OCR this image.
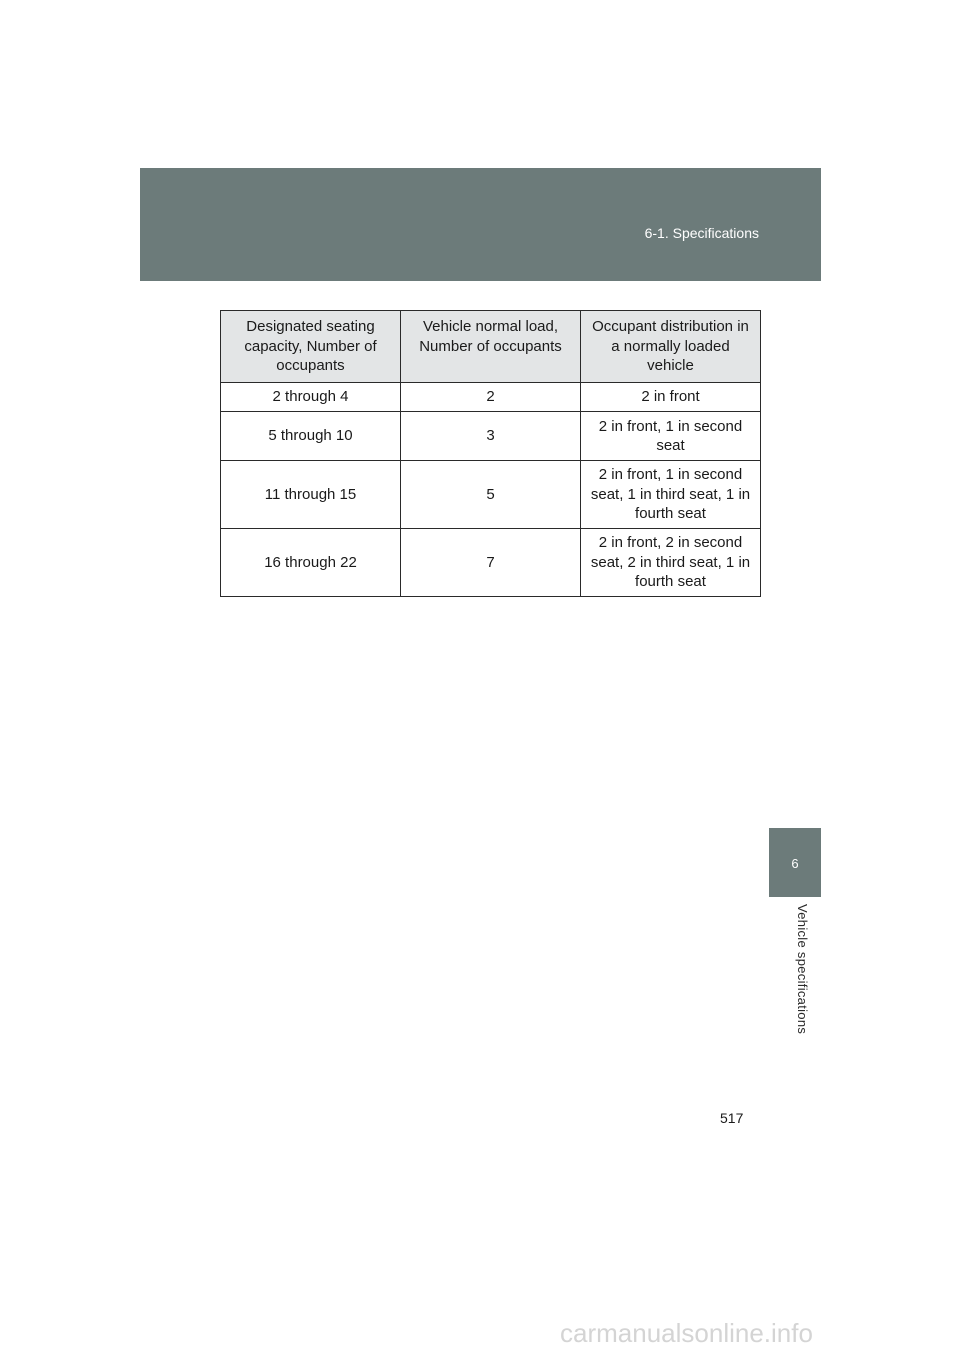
6-1. Specifications
Designated seating capacity, Number of occupants	Vehicle normal load, Number of occupants	Occupant distribution in a normally loaded vehicle
2 through 4	2	2 in front
5 through 10	3	2 in front, 1 in second seat
11 through 15	5	2 in front, 1 in second seat, 1 in third seat, 1 in fourth seat
16 through 22	7	2 in front, 2 in second seat, 2 in third seat, 1 in fourth seat
6
Vehicle specifications
517
carmanualsonline.info
